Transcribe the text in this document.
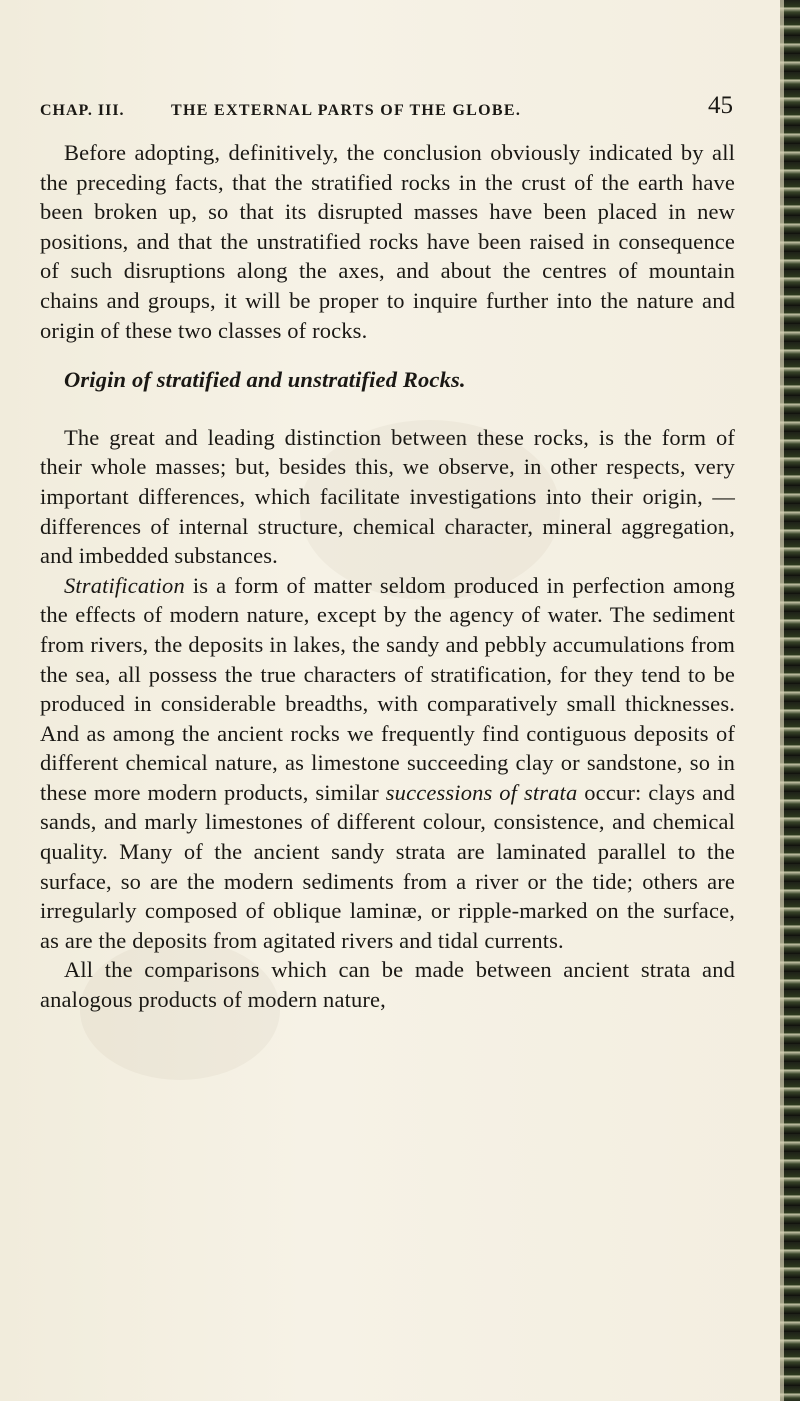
CHAP. III.	THE EXTERNAL PARTS OF THE GLOBE.	45

Before adopting, definitively, the conclusion obviously indicated by all the preceding facts, that the stratified rocks in the crust of the earth have been broken up, so that its disrupted masses have been placed in new positions, and that the unstratified rocks have been raised in consequence of such disruptions along the axes, and about the centres of mountain chains and groups, it will be proper to inquire further into the nature and origin of these two classes of rocks.

Origin of stratified and unstratified Rocks.

The great and leading distinction between these rocks, is the form of their whole masses; but, besides this, we observe, in other respects, very important differences, which facilitate investigations into their origin, — differences of internal structure, chemical character, mineral aggregation, and imbedded substances.

Stratification is a form of matter seldom produced in perfection among the effects of modern nature, except by the agency of water. The sediment from rivers, the deposits in lakes, the sandy and pebbly accumulations from the sea, all possess the true characters of stratification, for they tend to be produced in considerable breadths, with comparatively small thicknesses. And as among the ancient rocks we frequently find contiguous deposits of different chemical nature, as limestone succeeding clay or sandstone, so in these more modern products, similar successions of strata occur: clays and sands, and marly limestones of different colour, consistence, and chemical quality. Many of the ancient sandy strata are laminated parallel to the surface, so are the modern sediments from a river or the tide; others are irregularly composed of oblique laminæ, or ripple-marked on the surface, as are the deposits from agitated rivers and tidal currents.

All the comparisons which can be made between ancient strata and analogous products of modern nature,
